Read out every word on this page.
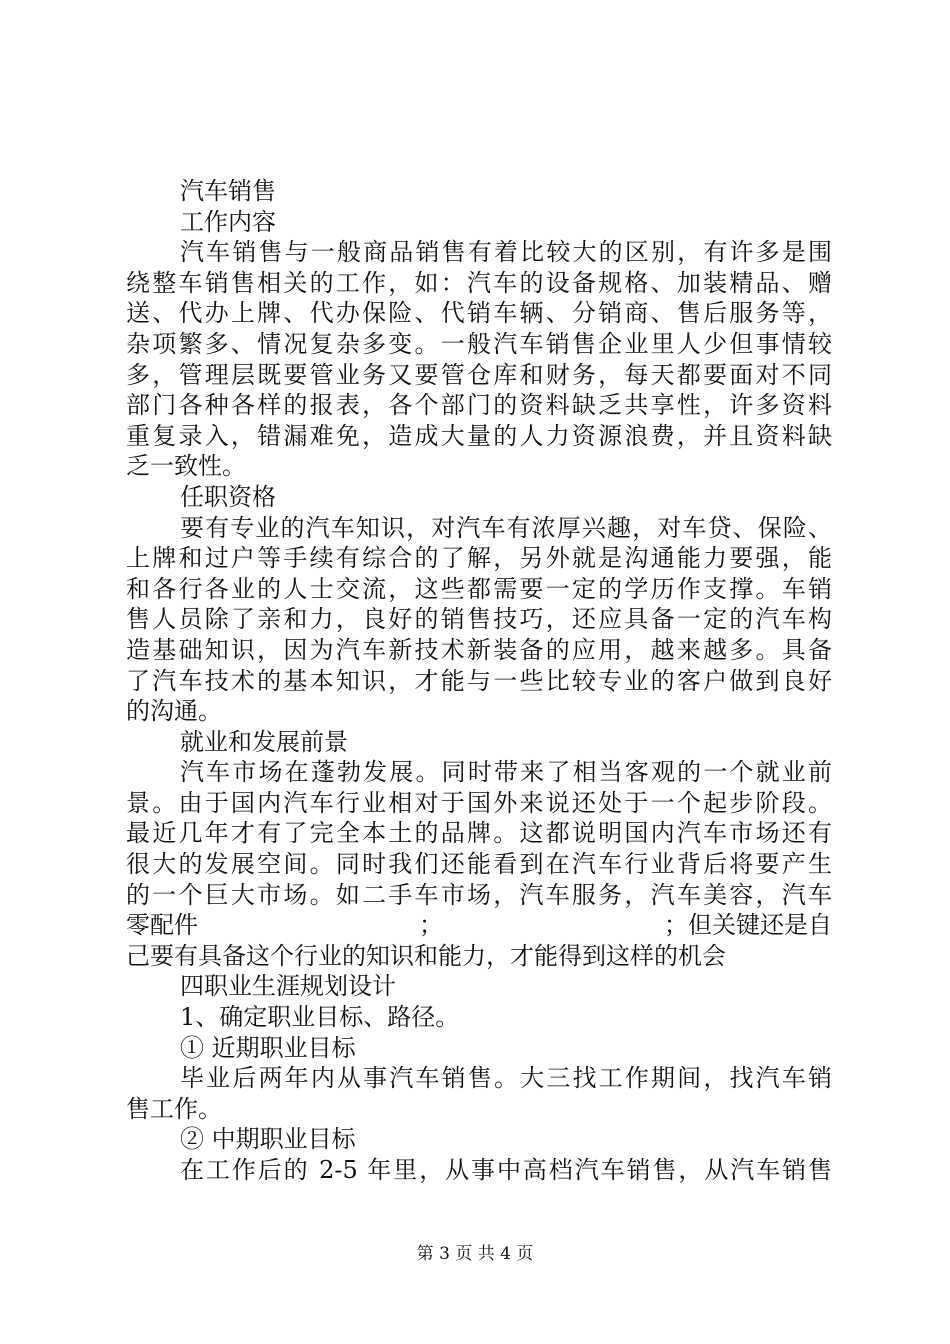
汽车销售
工作内容
汽车销售与一般商品销售有着比较大的区别，有许多是围
绕整车销售相关的工作，如：汽车的设备规格、加装精品、赠
送、代办上牌、代办保险、代销车辆、分销商、售后服务等，
杂项繁多、情况复杂多变。一般汽车销售企业里人少但事情较
多，管理层既要管业务又要管仓库和财务，每天都要面对不同
部门各种各样的报表，各个部门的资料缺乏共享性，许多资料
重复录入，错漏难免，造成大量的人力资源浪费，并且资料缺
乏一致性。
任职资格
要有专业的汽车知识，对汽车有浓厚兴趣，对车贷、保险、
上牌和过户等手续有综合的了解，另外就是沟通能力要强，能
和各行各业的人士交流，这些都需要一定的学历作支撑。车销
售人员除了亲和力，良好的销售技巧，还应具备一定的汽车构
造基础知识，因为汽车新技术新装备的应用，越来越多。具备
了汽车技术的基本知识，才能与一些比较专业的客户做到良好
的沟通。
就业和发展前景
汽车市场在蓬勃发展。同时带来了相当客观的一个就业前
景。由于国内汽车行业相对于国外来说还处于一个起步阶段。
最近几年才有了完全本土的品牌。这都说明国内汽车市场还有
很大的发展空间。同时我们还能看到在汽车行业背后将要产生
的一个巨大市场。如二手车市场，汽车服务，汽车美容，汽车
零配件	；	；但关键还是自
己要有具备这个行业的知识和能力，才能得到这样的机会
四职业生涯规划设计
1、确定职业目标、路径。
① 近期职业目标
毕业后两年内从事汽车销售。大三找工作期间，找汽车销
售工作。
② 中期职业目标
在工作后的 2-5 年里，从事中高档汽车销售，从汽车销售
第 3 页 共 4 页
